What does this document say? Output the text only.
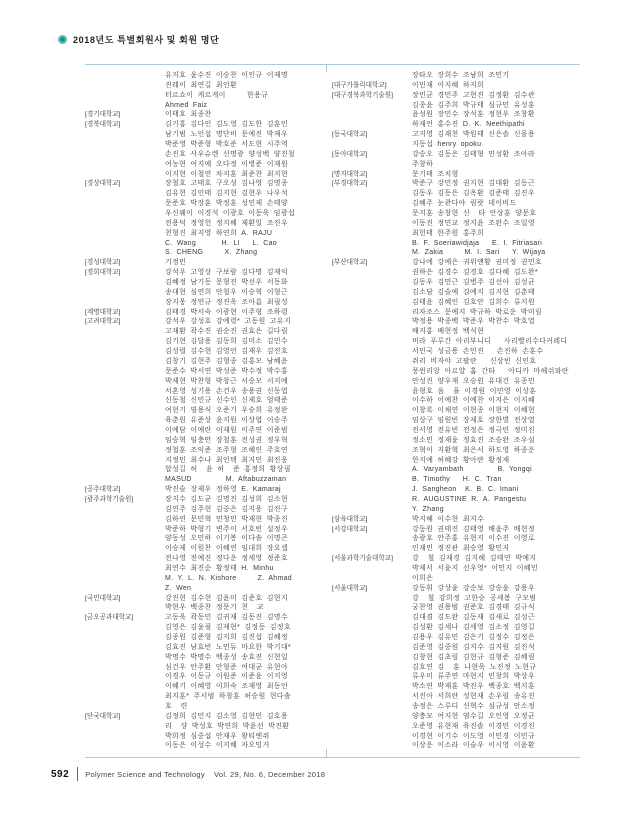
2018년도 특별회원사 및 회원 명단
유지호 윤수진 이승찬 이인규 이재명
진레이 최연길 최인환
터르쇼이 게르게이     한용규
Ahmed Faiz
[경기대학교]	이태호 최종찬
[경북대학교]	김기홍 김다인 김도영 김도한 김훈민
남기범 노인섭 명단비 문예진 박재우
박준영 박준형 박호준 서도현 시주역
손진호 사우슈렌 신명광 양성백 양진철
여농현 여지예 오다정 이병준 이재원
이지현 이철연 차지훈 최준찬 최지현
[경상대학교]	장철호 고태호 구오성 김나영 김명종
김유현 김인태 김지현 김현우 나우석
문준호 박장훈 박정훈 성민제 손태양
우신웨이 이경석 이광호 이동욱 임광섭
전용덕 정영헌 정지혜 제환일 조진우
천형진 최지영 하연희 A. RAJU
C. Wang      H. LI   L. Cao
S. CHENG     X. Zhang
[경성대학교]	기정민
[경희대학교]	강석우 고영상 구보람 김다명 김재익
김혜정 남기동 문형진 박선우 서동화
송대현 심연희 안철우 이승혁 이형근
장지웅 정연규 정진욱 조아름 최필성
[계명대학교]	김태경 박서숙 이광현 이주형 조하령
[고려대학교]	강석우 강성호 강예령* 고동원 고유지
고재환 곽수진 권순진 권효은 길다림
김기현 김달용 김동희 김미소 김민수
김성렬 김수현 김영언 김재우 김진호
김창기 김현주 김형종 김홍모 남혜윤
문준수 박서연 박성준 박수정 박수홍
박제현 박찬형 박창근 서승모 서지예
서혼영 성기용 손건우 송용권 신동엽
신동철 신민규 신수인 신제호 엄태준
여현기 염용식 오준기 우승희 유정완
육춘원 유준상 윤지원 이상엽 이승주
이예담 이예란 이재원 이주연 이준범
임승혁 임충만 장철훈 전성권 정우혁
정철훈 조익준 조주형 조혜인 주호연
지정민 최수나 최인택 최지민 최진웅
합성길 허  윤 허  준 홍정희 황상필
MASUD        M. Aftabuzzaman
[공주대학교]	박진슬 장제우 정하영 E. Kamaraj
[광주과학기술원]	장지수 김도균 김명진 김성희 김소현
김연주 김주현 김중은 김지웅 김진구
김하연 문민혁 민청민 박재현 박종진
박준하 박형기 변주이 서호빈 설정우
양동성 오민하 이기봉 이다솜 이명곤
이승제 이원찬 이혜연 임대희 장요셉
전나영 전예진 정다운 정세영 정준호
최연수 최진순 황정태 H. Minhu
M. Y. L. N. Kishore     Z. Ahmad
Z. Wen
[국민대학교]	강진현 김수현 김윤미 김준호 김현지
박현우 백종찬 정문기 천  교
[금오공과대학교]	고동욱 곽동민 김귀재 김동진 김명수
김영은 김윤필 김재현* 김정동 김정호
김종원 김준형 김지희 김진섭 김혜정
김효진 남효빈 노민듀 마요한 박기대*
박명수 박명수 백종성 송효진 신현일
심건우 안주환 안형준 여대균 유현아
이경우 이동규 이원준 이준윤 이지영
이혜기 이혜영 이희숙 조재영 최동인
최지훈* 주서범 하창훈 허승원 현다솜
호  련
[단국대학교]	김정희 김민지 김소영 김현민 김호용
리  샹 박성호 박연희 박윤선 박진환
박희정 심중섭 안재우 왕티엔쥐
이동은 이성수 이지혜 자오밍거
장타오 장희수 조남희 조민기
[대구가톨릭대학교]	이민재 이지혜 하지희
[대구경북과학기술원]	장민균 경민주 고현진 김정환 김수관
김종윤 김주희 박규태 심규민 유성훈
윤성원 장민수 장석훈 정현우 조창환
하재언 홍수진 D. K. Neethipathi
[동국대학교]	고지영 김재천 박원태 신은솔 신을용
지동섭 henry opoku
[동아대학교]	강승오 김동은 김태형 민성환 조아라
주창하
[명지대학교]	문기태 조치형
[부경대학교]	박준구 강민정 권지현 김대환 김동근
김동우 김동은 김옥환 김준태 김진우
김혜주 눈콴다야 림랏 데이비드
문지훈 송창현 신  타 안상훈 양문호
이동진 정민교 정지윤 조완수 조일영
최헌태 한주원 홍주희
B. F. Soeriawidjaja   E. I. Fitriasari
M. Zakia     M. I. Sari   Y. Wijaya
[부산대학교]	강나에 강예은 궈위앤황 권미정 권민호
권하은 김경수 김경호 김다혜 김도완*
김동우 김민근 김병주 김선아 김성균
김소담 김슬예 김예지 김지현 김춘태
김태윤 김혜인 김호안 김희수 류지원
리자조스 문예지 박규하 박로운 박미림
박정용 박종백 박준우 박찬수 박호열
배지홍 배현정 백석현
비라 푸루간 아리부니디   사리빨리수다커레디
서민국 성금용 손민진   손진하 손훈수
쥐리 비자야 고팔란   신상빈 신인호
풍윈리앙 아르얄 홈 간타   아디카 마헤쉬와란
안성진 양우재 오승원 유대건 유종민
윤형호 음  율 이경원 이민영 이상훈
이수하 이예찬 이예찬 이지은 이지혜
이창록 이채연 이현종 이현지 이혜현
임상구 임원빈 장제호 장한별 전상열
전서영 전유빈 전정은 정극민 정미진
정소민 정재윤 정효진 조승완 조우섬
조혁이 지환혁 최은서 하도영 하종운
한지예 허혜강 황아란 황정재
A. Varyambath        B. Yongqi
B. Timothy   H. C. Tran
J. Sangheon  K. B. C. Imani
R. AUGUSTINE R. A. Pangestu
Y. Zhang
[삼육대학교]	박지혜 이수현 최지수
[서강대학교]	강동원 권태진 김태영 배윤주 배현정
송광호 안주홍 유현지 이수진 이영로
인재민 정진관 최승영 황민지
[서울과학기술대학교]	강  철 김재경 김지혜 김태연 박예지
박제서 서윤지 선우영* 이민지 이혜민
이희은
[서울대학교]	강동휘 강상윤 강순보 강승윤 강용우
강  철 강희정 고한승 공세봄 구모범
궁찬영 권용범 권준호 김경태 김규식
김대겸 김도완 김동재 김새로 김성근
김성환 김세나 김세영 김소정 김영길
김용우 김유민 김은기 김정수 김정은
김준영 김중원 김지수 김지원 김진석
김창현 김초림 김현규 김형준 김혜림
김호연 김  훈 나현욱 노진정 노현규
류우미 류주연 마현지 민창희 박상우
박소연 박재훈 박진우 백종호 백지훈
서진아 서희란 성현재 손우림 송유진
송정은 스루디 신혁수 심규성 안소정
양충모 여지현 염수길 오인영 오정균
오준영 유현재 육진솔 이경민 이경진
이경현 이기수 이도영 이민경 이민규
이상운 이소라 이슬우 이시영 이윤환
592 Polymer Science and Technology Vol. 29, No. 6, December 2018
